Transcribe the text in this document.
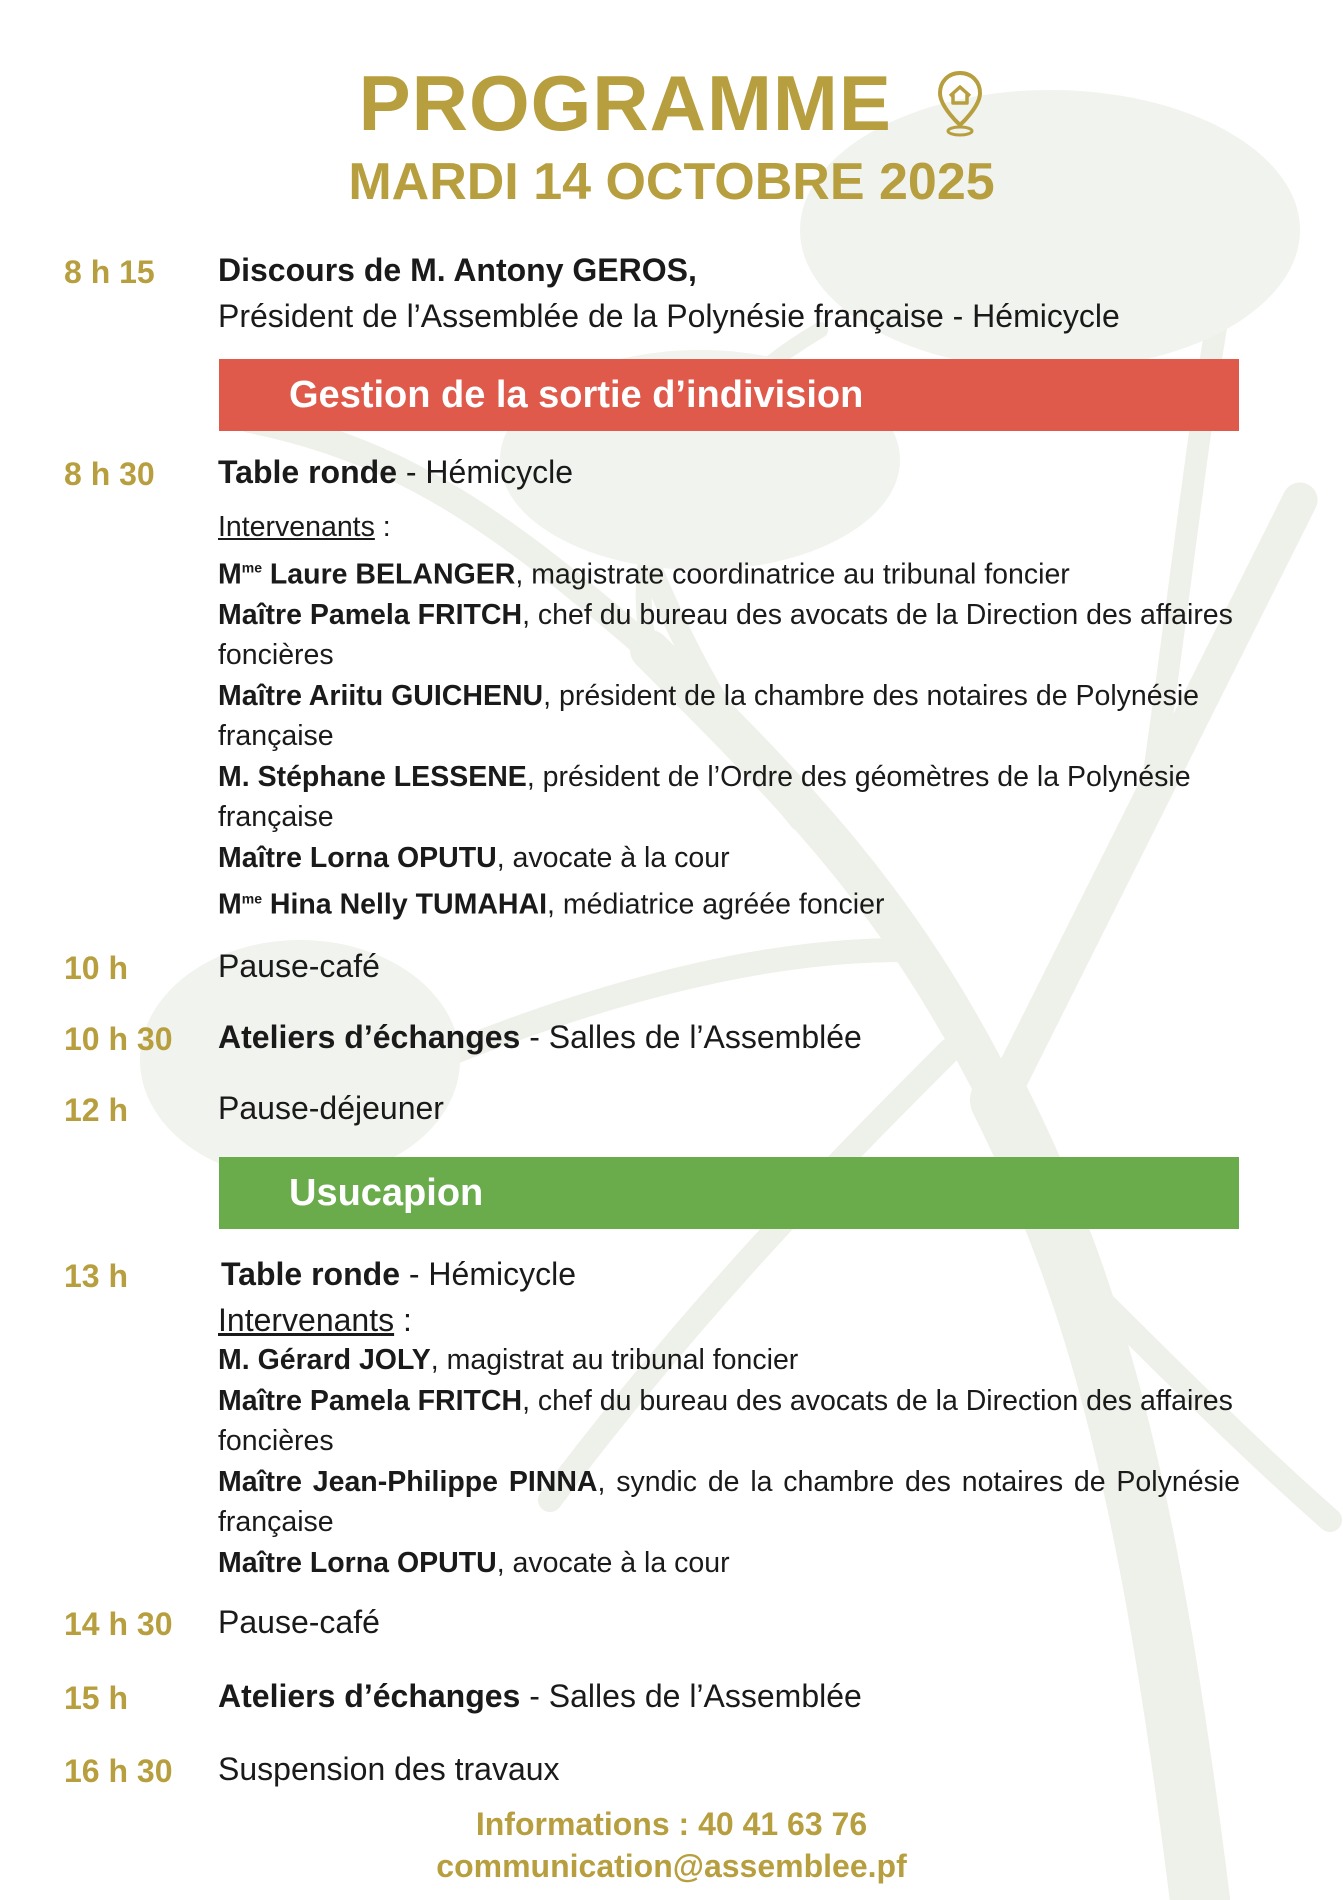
PROGRAMME
MARDI 14 OCTOBRE 2025
8 h 15 Discours de M. Antony GEROS,
Président de l’Assemblée de la Polynésie française - Hémicycle
Gestion de la sortie d’indivision
8 h 30 Table ronde - Hémicycle
Intervenants :
$M^{me}$ Laure BELANGER, magistrate coordinatrice au tribunal foncier
Maître Pamela FRITCH, chef du bureau des avocats de la Direction des affaires foncières
Maître Ariitu GUICHENU, président de la chambre des notaires de Polynésie française
M. Stéphane LESSENE, président de l’Ordre des géomètres de la Polynésie française
Maître Lorna OPUTU, avocate à la cour
$M^{me}$ Hina Nelly TUMAHAI, médiatrice agréée foncier
10 h	Pause-café
10 h 30 Ateliers d’échanges - Salles de l’Assemblée
12 h	Pause-déjeuner
Usucapion
13 h	Table ronde - Hémicycle
Intervenants :
M. Gérard JOLY, magistrat au tribunal foncier
Maître Pamela FRITCH, chef du bureau des avocats de la Direction des affaires foncières
Maître Jean-Philippe PINNA, syndic de la chambre des notaires de Polynésie française
Maître Lorna OPUTU, avocate à la cour
14 h 30 Pause-café
15 h	Ateliers d’échanges - Salles de l’Assemblée
16 h 30 Suspension des travaux
Informations : 40 41 63 76
communication@assemblee.pf
